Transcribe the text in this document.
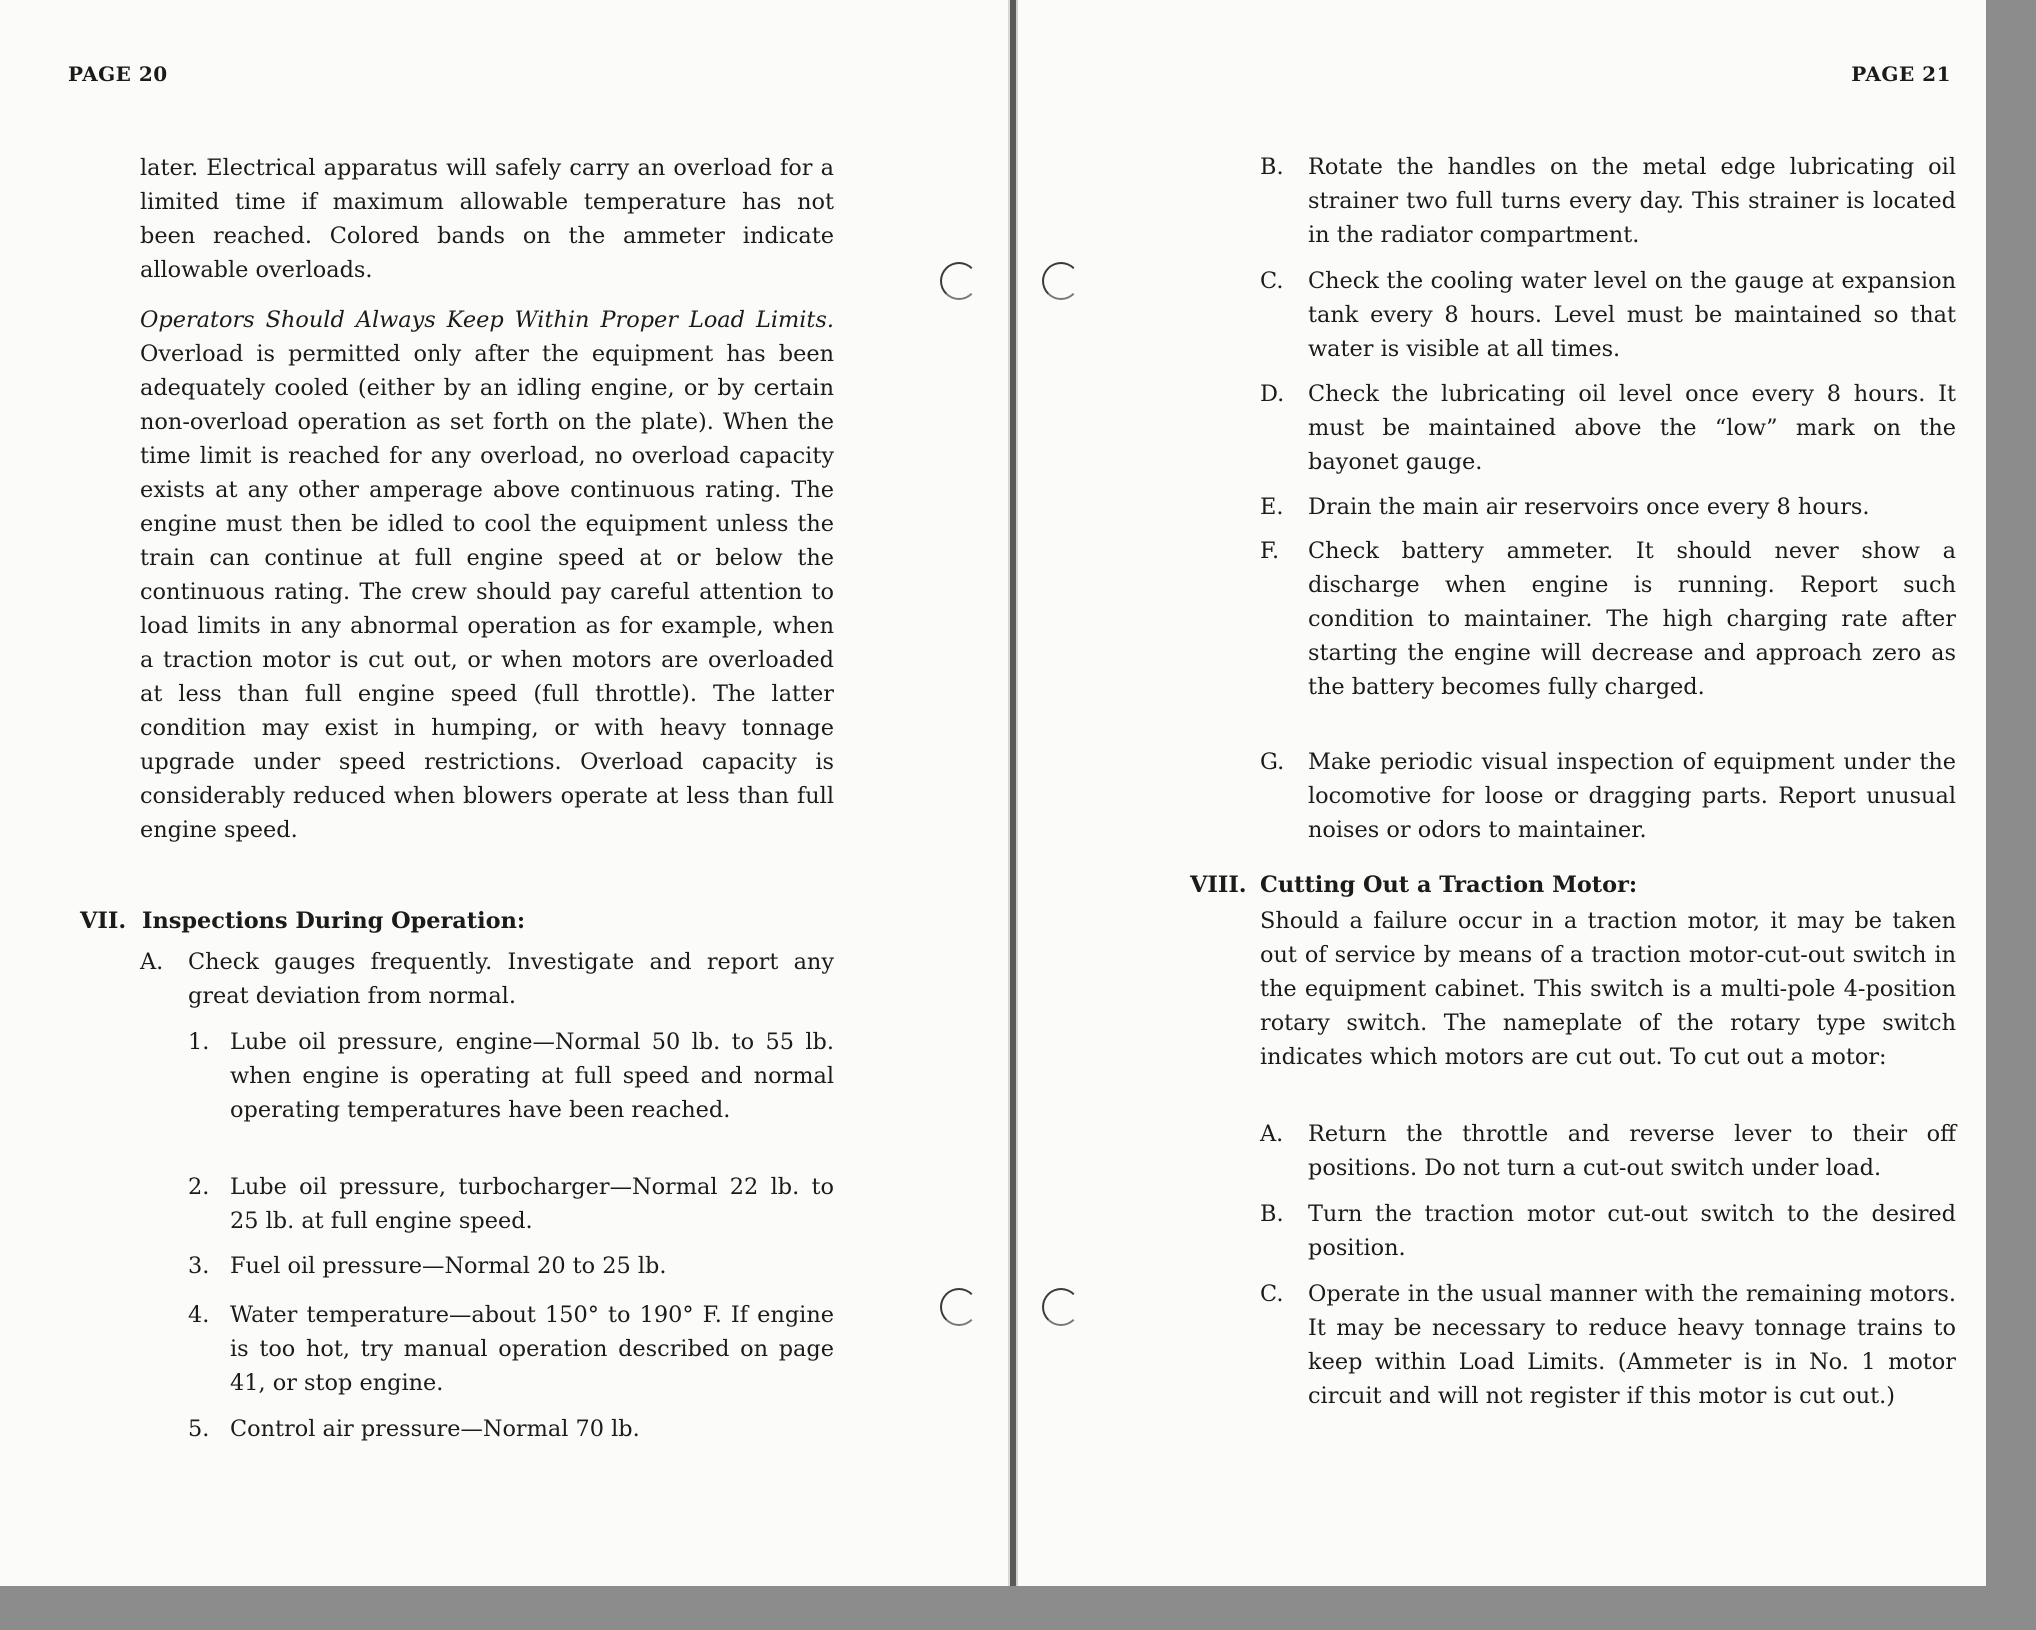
PAGE 20

later. Electrical apparatus will safely carry an overload for a limited time if maximum allowable temperature has not been reached. Colored bands on the ammeter indicate allowable overloads.

Operators Should Always Keep Within Proper Load Limits. Overload is permitted only after the equipment has been adequately cooled (either by an idling engine, or by certain non-overload operation as set forth on the plate). When the time limit is reached for any overload, no overload capacity exists at any other amperage above continuous rating. The engine must then be idled to cool the equipment unless the train can continue at full engine speed at or below the continuous rating. The crew should pay careful attention to load limits in any abnormal operation as for example, when a traction motor is cut out, or when motors are overloaded at less than full engine speed (full throttle). The latter condition may exist in humping, or with heavy tonnage upgrade under speed restrictions. Overload capacity is considerably reduced when blowers operate at less than full engine speed.

VII. Inspections During Operation:
A.	Check gauges frequently. Investigate and report any great deviation from normal.
1. Lube oil pressure, engine—Normal 50 lb. to 55 lb. when engine is operating at full speed and normal operating temperatures have been reached.
2. Lube oil pressure, turbocharger—Normal 22 lb. to 25 lb. at full engine speed.
3. Fuel oil pressure—Normal 20 to 25 lb.
4. Water temperature—about 150° to 190° F. If engine is too hot, try manual operation described on page 41, or stop engine.
5. Control air pressure—Normal 70 lb.
PAGE 21
B.	Rotate the handles on the metal edge lubricating oil strainer two full turns every day. This strainer is located in the radiator compartment.
C.	Check the cooling water level on the gauge at expansion tank every 8 hours. Level must be maintained so that water is visible at all times.
D.	Check the lubricating oil level once every 8 hours. It must be maintained above the “low” mark on the bayonet gauge.
E.	Drain the main air reservoirs once every 8 hours.
F.	Check battery ammeter. It should never show a discharge when engine is running. Report such condition to maintainer. The high charging rate after starting the engine will decrease and approach zero as the battery becomes fully charged.
G.	Make periodic visual inspection of equipment under the locomotive for loose or dragging parts. Report unusual noises or odors to maintainer.
VIII. Cutting Out a Traction Motor:

Should a failure occur in a traction motor, it may be taken out of service by means of a traction motor-cut-out switch in the equipment cabinet. This switch is a multi-pole 4-position rotary switch. The nameplate of the rotary type switch indicates which motors are cut out. To cut out a motor:

A.	Return the throttle and reverse lever to their off positions. Do not turn a cut-out switch under load.
B.	Turn the traction motor cut-out switch to the desired position.
C.	Operate in the usual manner with the remaining motors. It may be necessary to reduce heavy tonnage trains to keep within Load Limits. (Ammeter is in No. 1 motor circuit and will not register if this motor is cut out.)
